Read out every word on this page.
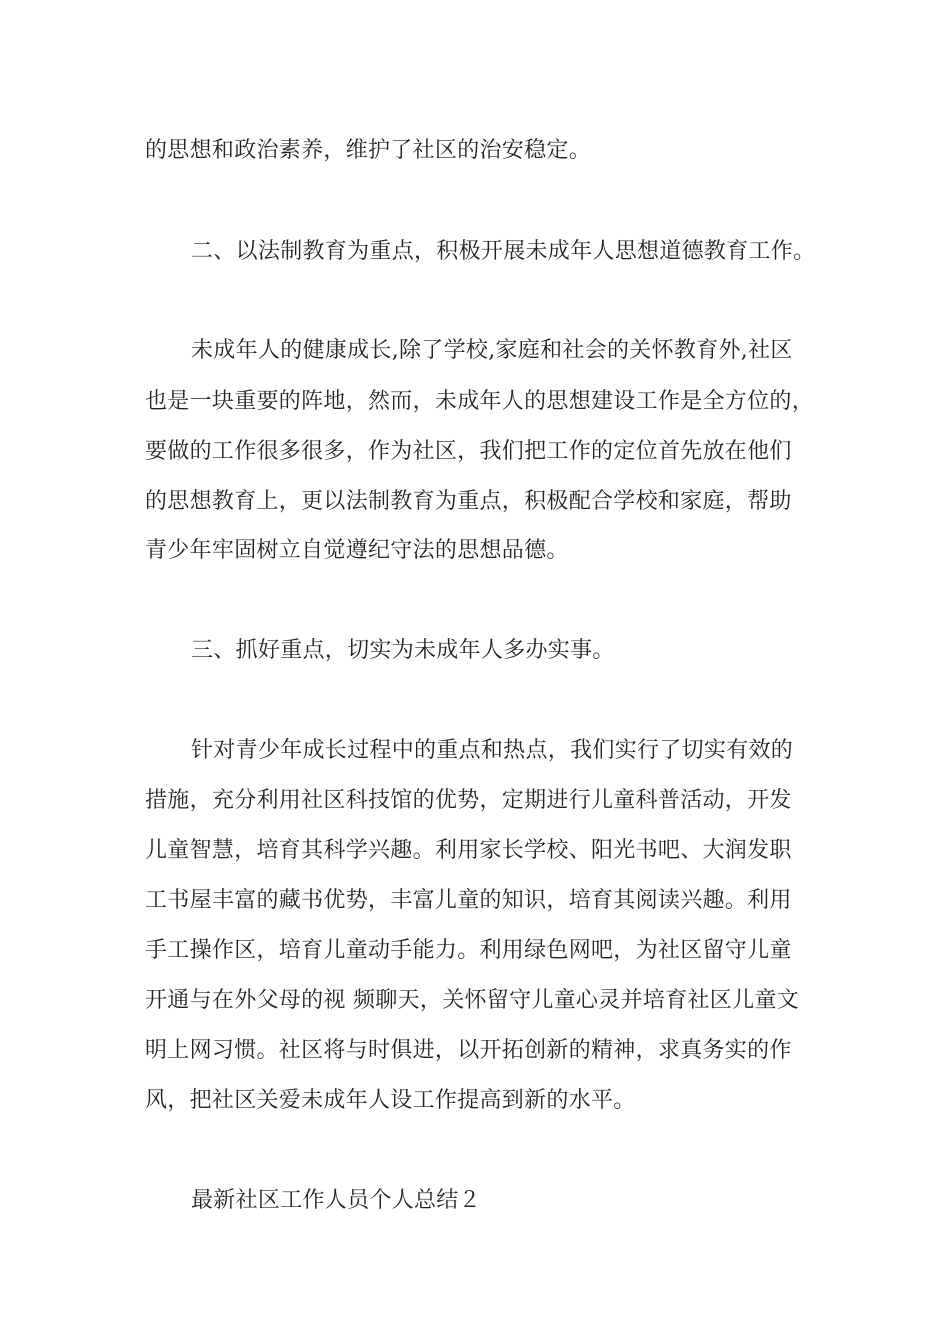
的思想和政治素养，维护了社区的治安稳定。
二、以法制教育为重点，积极开展未成年人思想道德教育工作。
未成年人的健康成长,除了学校,家庭和社会的关怀教育外,社区
也是一块重要的阵地，然而，未成年人的思想建设工作是全方位的，
要做的工作很多很多，作为社区，我们把工作的定位首先放在他们
的思想教育上，更以法制教育为重点，积极配合学校和家庭，帮助
青少年牢固树立自觉遵纪守法的思想品德。
三、抓好重点，切实为未成年人多办实事。
针对青少年成长过程中的重点和热点，我们实行了切实有效的
措施，充分利用社区科技馆的优势，定期进行儿童科普活动，开发
儿童智慧，培育其科学兴趣。利用家长学校、阳光书吧、大润发职
工书屋丰富的藏书优势，丰富儿童的知识，培育其阅读兴趣。利用
手工操作区，培育儿童动手能力。利用绿色网吧，为社区留守儿童
开通与在外父母的视 频聊天，关怀留守儿童心灵并培育社区儿童文
明上网习惯。社区将与时俱进，以开拓创新的精神，求真务实的作
风，把社区关爱未成年人设工作提高到新的水平。
最新社区工作人员个人总结２
